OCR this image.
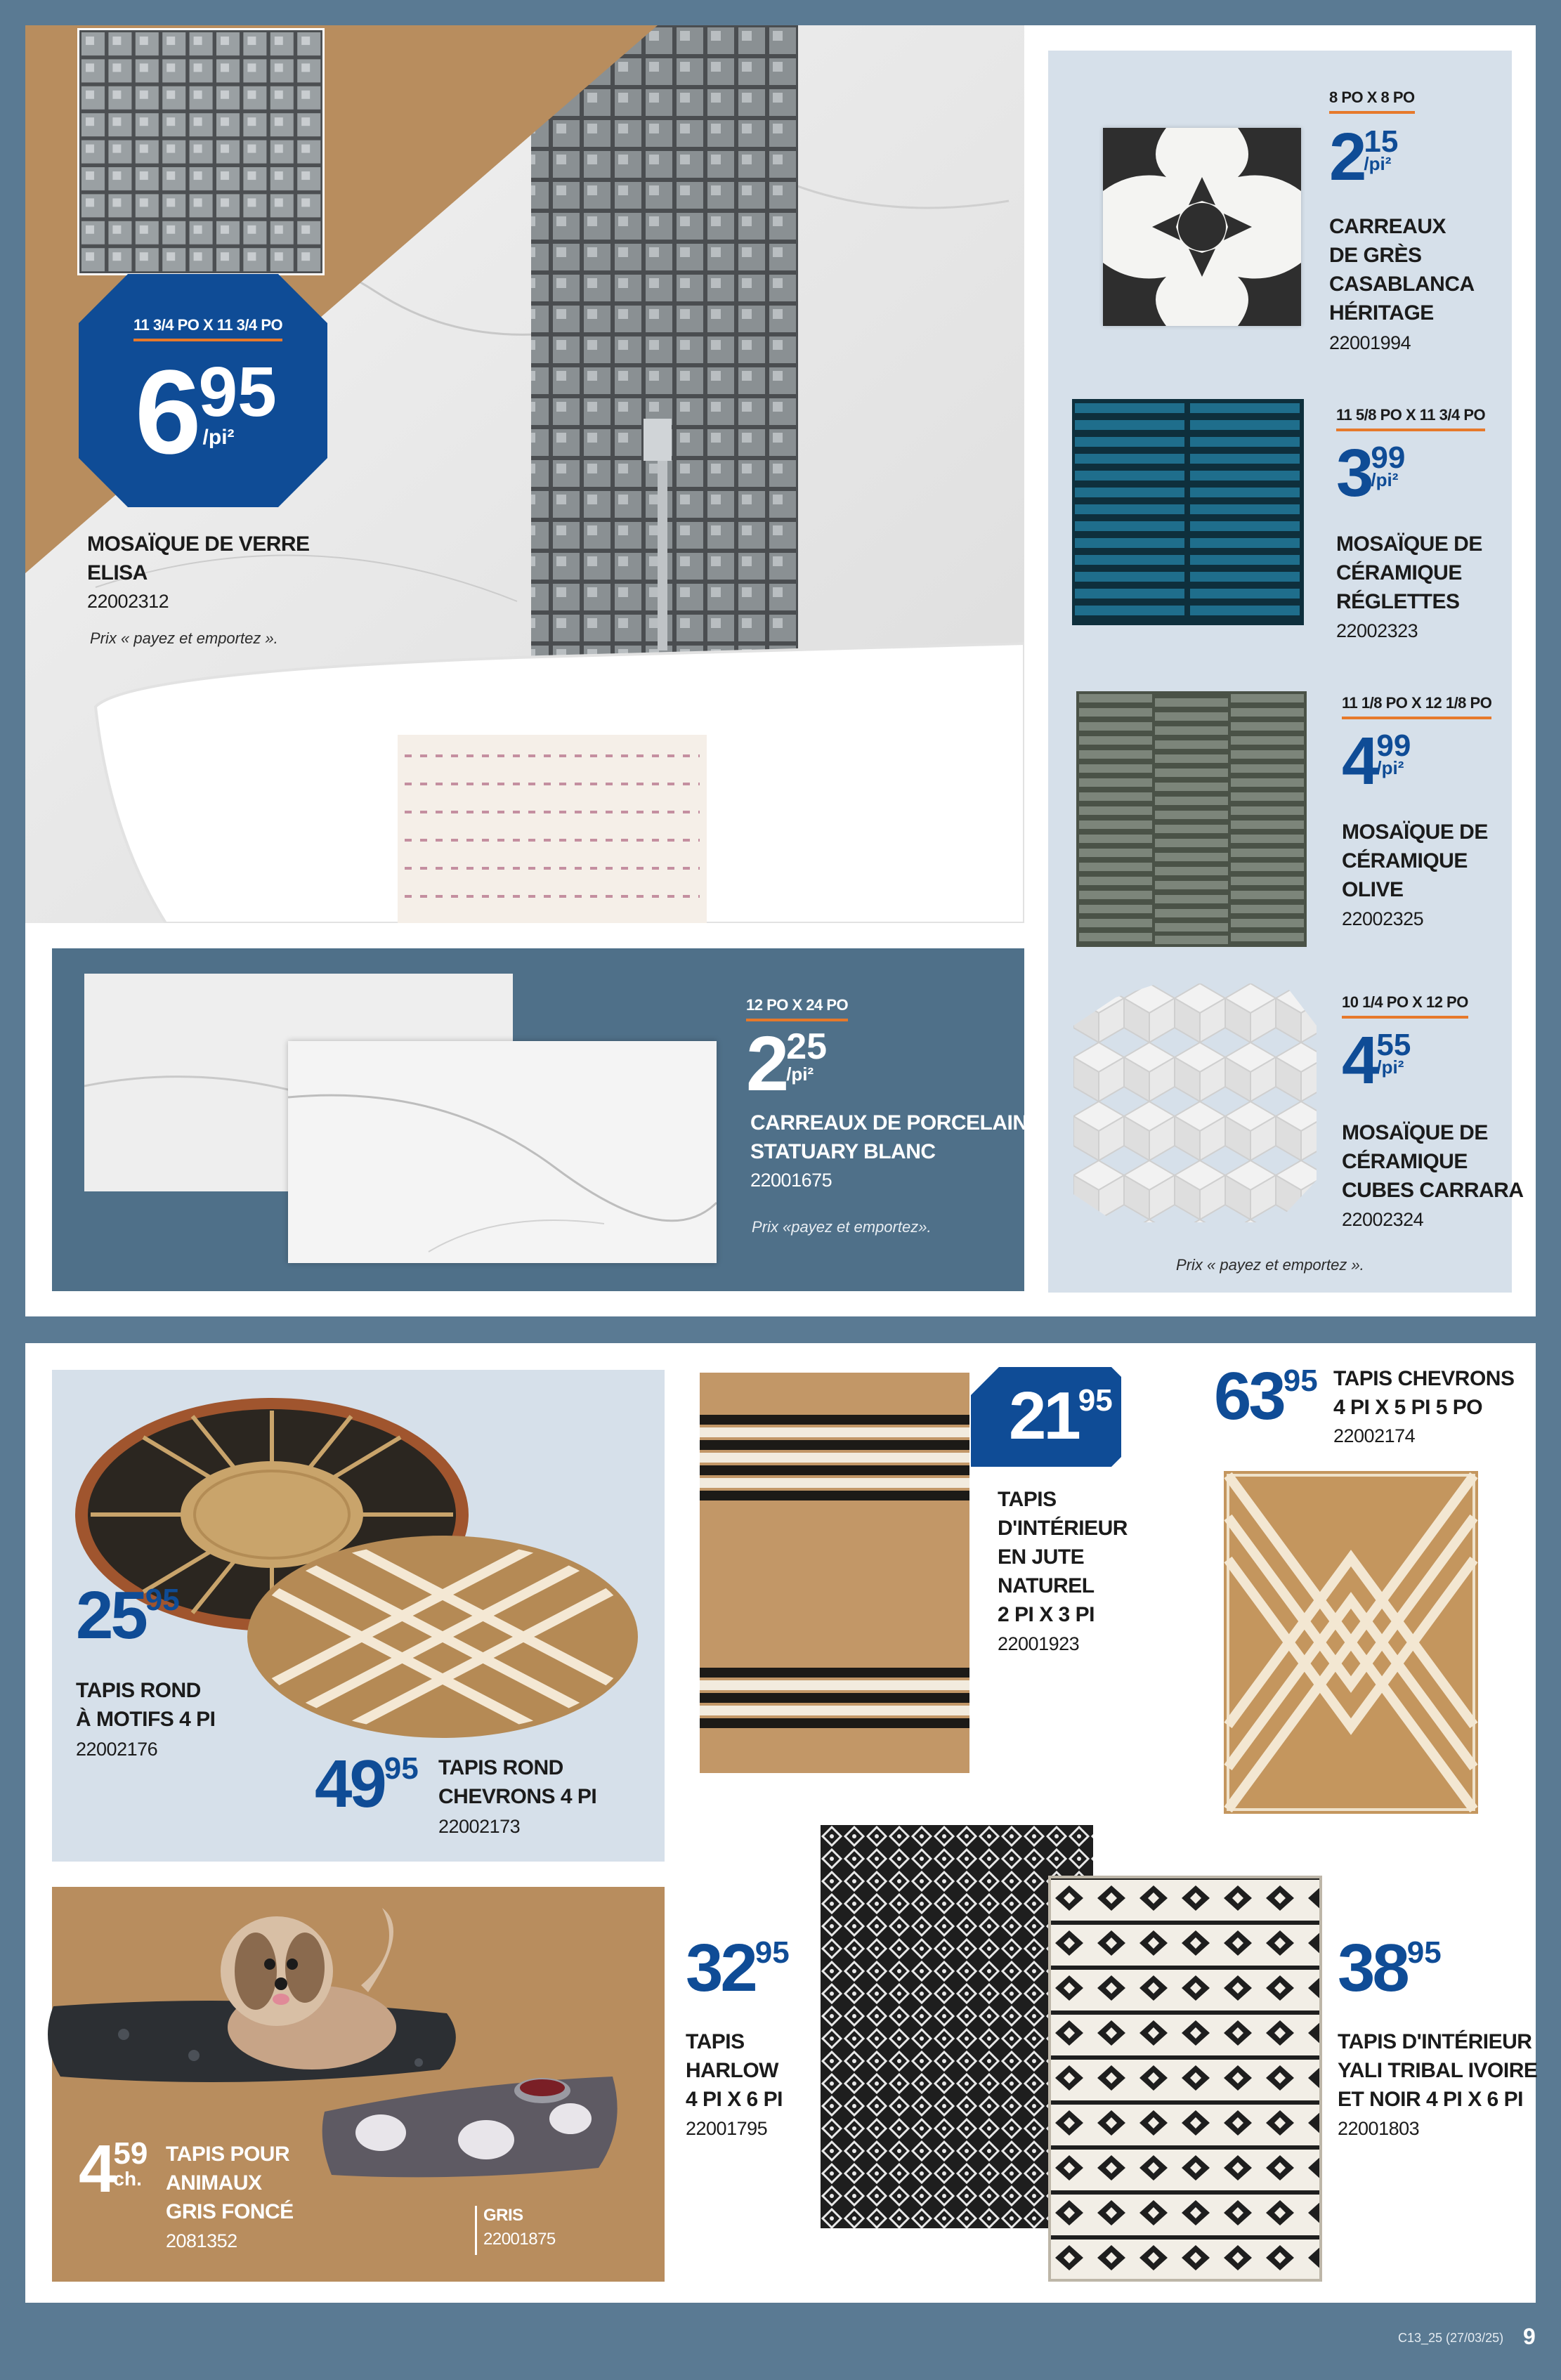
11 3/4 PO X 11 3/4 PO
6 95
/pi²
MOSAÏQUE DE VERRE
ELISA
22002312
Prix « payez et emportez ».
12 PO X 24 PO
2 25
/pi²
CARREAUX DE PORCELAINE
STATUARY BLANC
22001675
Prix «payez et emportez».
8 PO X 8 PO
215
/pi²
CARREAUX
DE GRÈS
CASABLANCA
HÉRITAGE
22001994
11 5/8 PO X 11 3/4 PO
399
/pi²
MOSAÏQUE DE
CÉRAMIQUE
RÉGLETTES
22002323
11 1/8 PO X 12 1/8 PO
499
/pi²
MOSAÏQUE DE
CÉRAMIQUE
OLIVE
22002325
10 1/4 PO X 12 PO
455
/pi²
MOSAÏQUE DE
CÉRAMIQUE
CUBES CARRARA
22002324
Prix « payez et emportez ».
2595
TAPIS ROND
À MOTIFS 4 PI
22002176 4995 TAPIS ROND
CHEVRONS 4 PI
22002173
459
ch.
TAPIS POUR
ANIMAUX
GRIS FONCÉ
2081352
GRIS
22001875
2195
TAPIS
D'INTÉRIEUR
EN JUTE
NATUREL
2 PI X 3 PI
22001923
6395 TAPIS CHEVRONS
4 PI X 5 PI 5 PO
22002174
3295
TAPIS
HARLOW
4 PI X 6 PI
22001795
3895
TAPIS D'INTÉRIEUR
YALI TRIBAL IVOIRE
ET NOIR 4 PI X 6 PI
22001803
C13_25 (27/03/25) 9
